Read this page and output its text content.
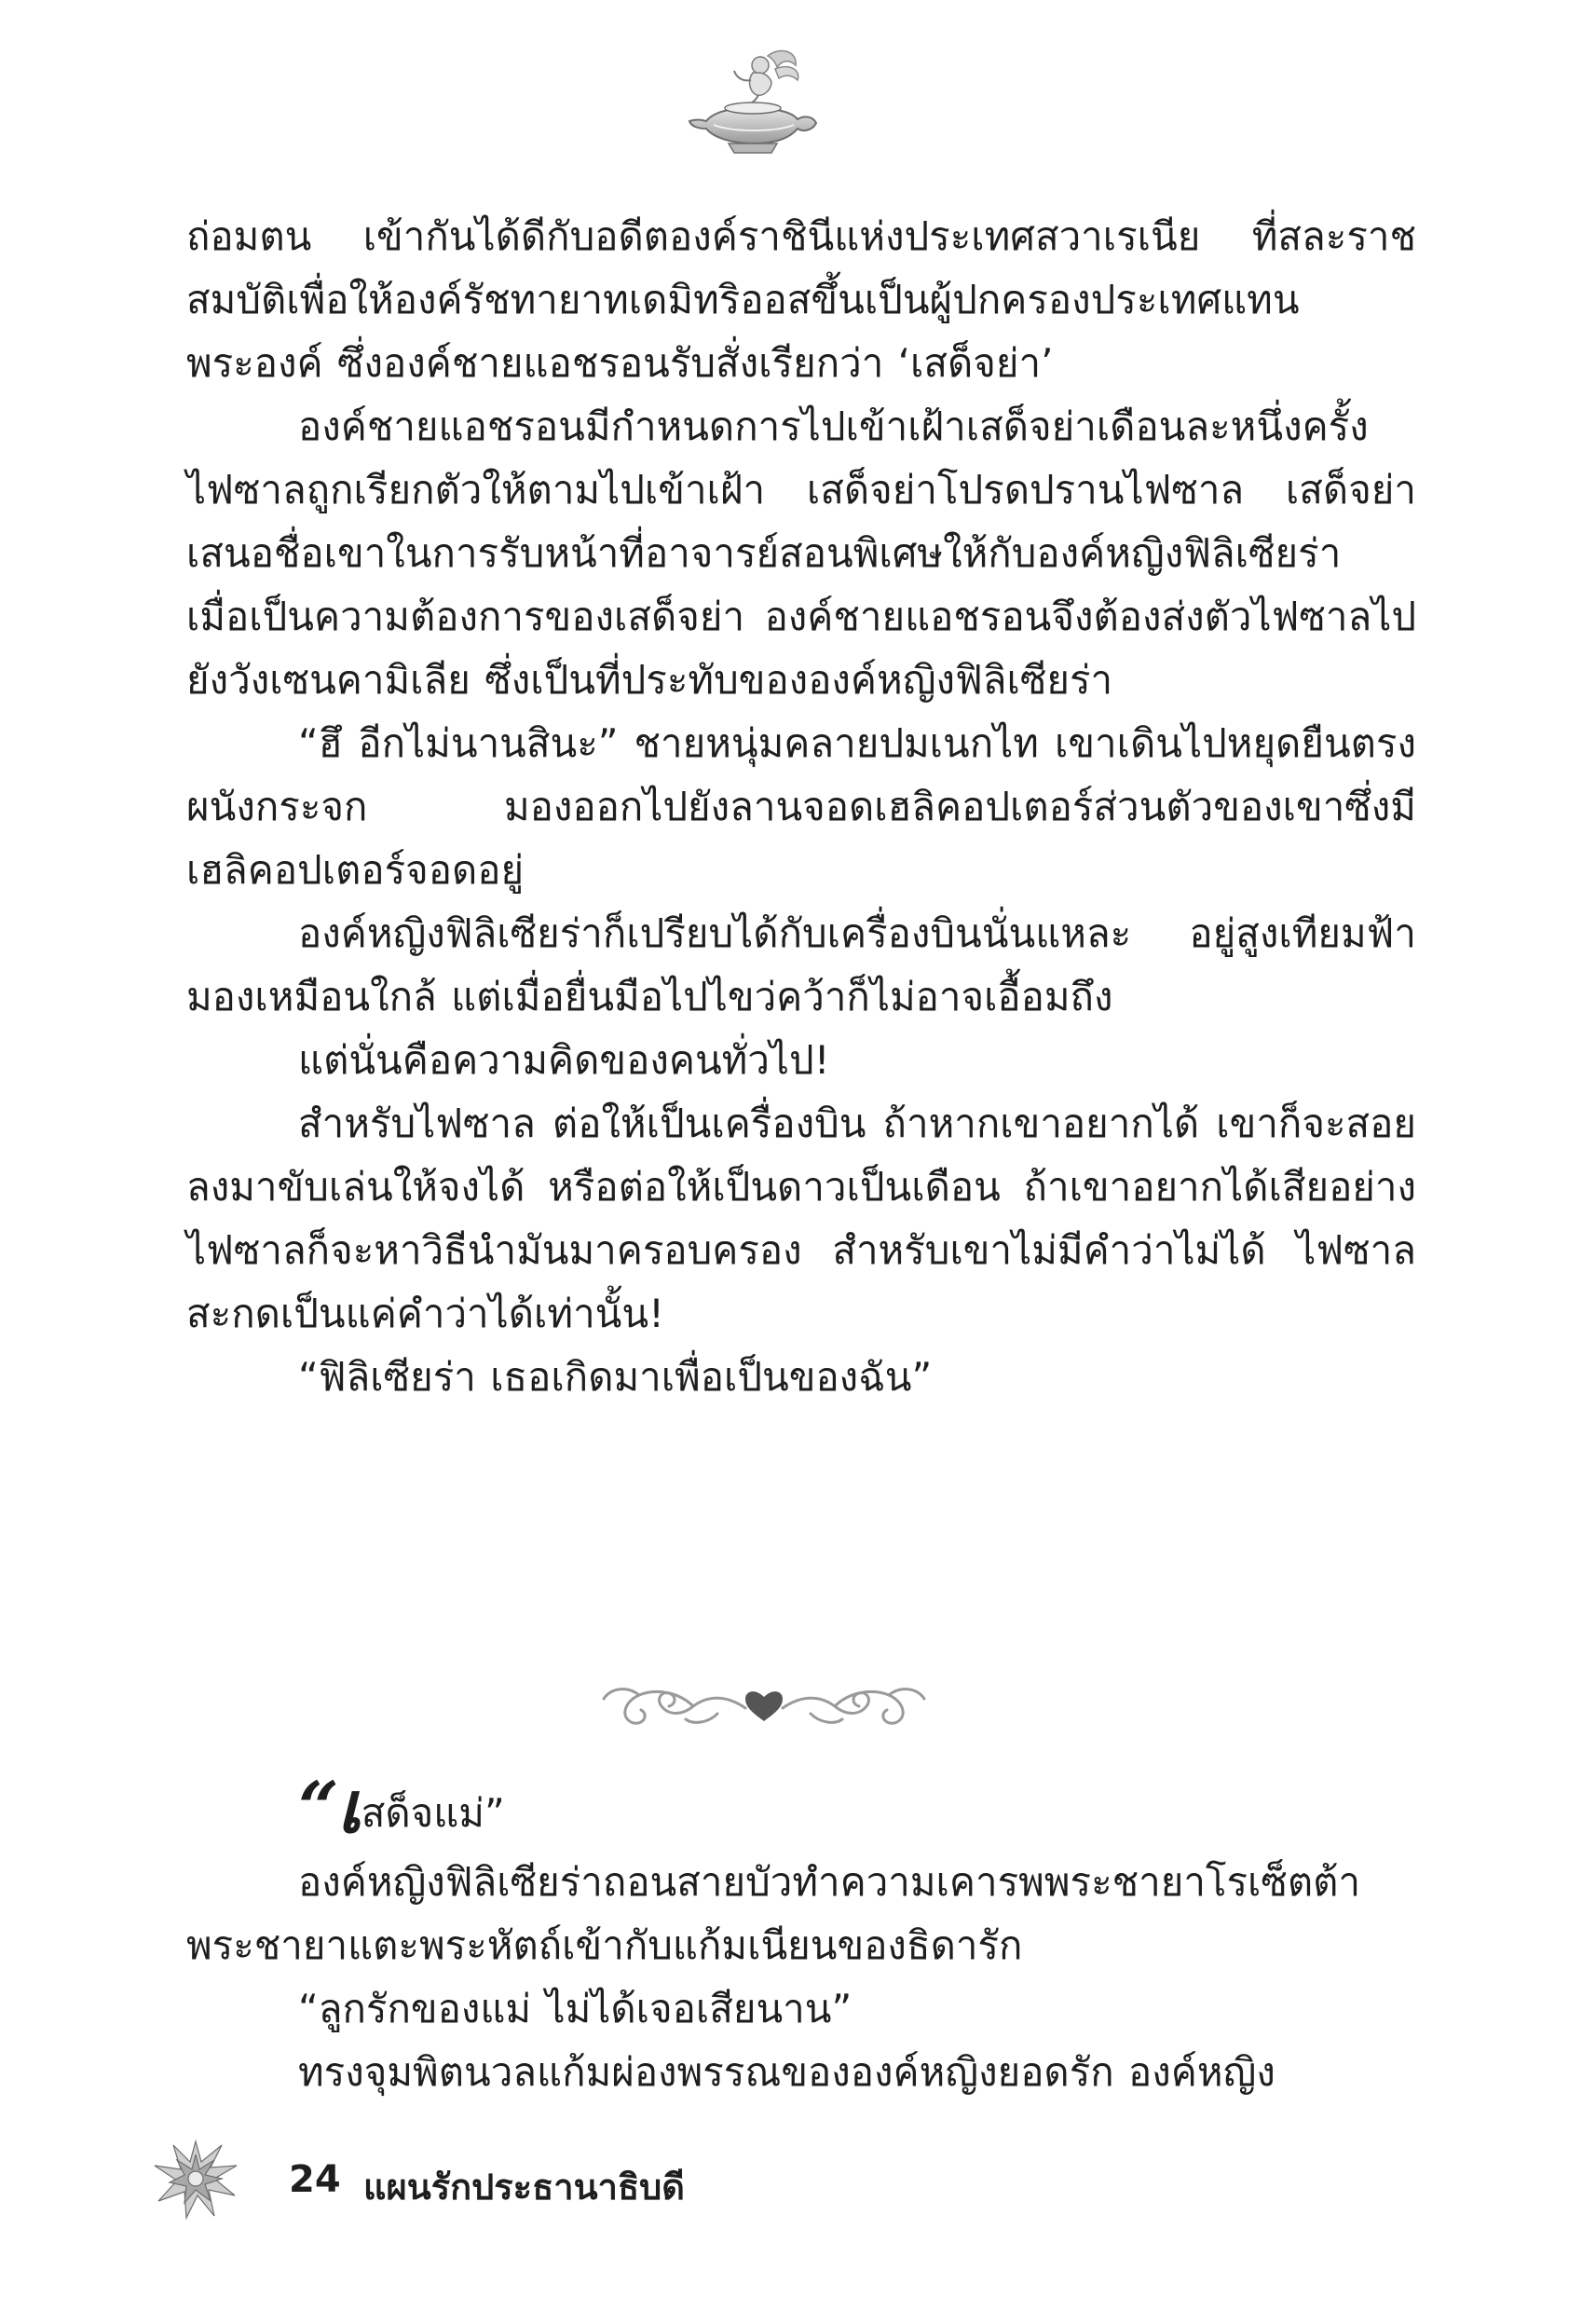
ถ่อมตน เข้ากันได้ดีกับอดีตองค์ราชินีแห่งประเทศสวาเรเนีย ที่สละราชสมบัติเพื่อให้องค์รัชทายาทเดมิทริออสขึ้นเป็นผู้ปกครองประเทศแทนพระองค์ ซึ่งองค์ชายแอชรอนรับสั่งเรียกว่า ‘เสด็จย่า’

องค์ชายแอชรอนมีกำหนดการไปเข้าเฝ้าเสด็จย่าเดือนละหนึ่งครั้ง ไฟซาลถูกเรียกตัวให้ตามไปเข้าเฝ้า เสด็จย่าโปรดปรานไฟซาล เสด็จย่าเสนอชื่อเขาในการรับหน้าที่อาจารย์สอนพิเศษให้กับองค์หญิงฟิลิเซียร่า เมื่อเป็นความต้องการของเสด็จย่า องค์ชายแอชรอนจึงต้องส่งตัวไฟซาลไปยังวังเซนคามิเลีย ซึ่งเป็นที่ประทับขององค์หญิงฟิลิเซียร่า

“ฮึ อีกไม่นานสินะ” ชายหนุ่มคลายปมเนกไท เขาเดินไปหยุดยืนตรงผนังกระจก มองออกไปยังลานจอดเฮลิคอปเตอร์ส่วนตัวของเขาซึ่งมีเฮลิคอปเตอร์จอดอยู่

องค์หญิงฟิลิเซียร่าก็เปรียบได้กับเครื่องบินนั่นแหละ อยู่สูงเทียมฟ้า มองเหมือนใกล้ แต่เมื่อยื่นมือไปไขว่คว้าก็ไม่อาจเอื้อมถึง

แต่นั่นคือความคิดของคนทั่วไป!

สำหรับไฟซาล ต่อให้เป็นเครื่องบิน ถ้าหากเขาอยากได้ เขาก็จะสอยลงมาขับเล่นให้จงได้ หรือต่อให้เป็นดาวเป็นเดือน ถ้าเขาอยากได้เสียอย่าง ไฟซาลก็จะหาวิธีนำมันมาครอบครอง สำหรับเขาไม่มีคำว่าไม่ได้ ไฟซาลสะกดเป็นแค่คำว่าได้เท่านั้น!

“ฟิลิเซียร่า เธอเกิดมาเพื่อเป็นของฉัน”

“เสด็จแม่”

องค์หญิงฟิลิเซียร่าถอนสายบัวทำความเคารพพระชายาโรเซ็ตต้า พระชายาแตะพระหัตถ์เข้ากับแก้มเนียนของธิดารัก

“ลูกรักของแม่ ไม่ได้เจอเสียนาน”

ทรงจุมพิตนวลแก้มผ่องพรรณขององค์หญิงยอดรัก องค์หญิง

24 แผนรักประธานาธิบดี
